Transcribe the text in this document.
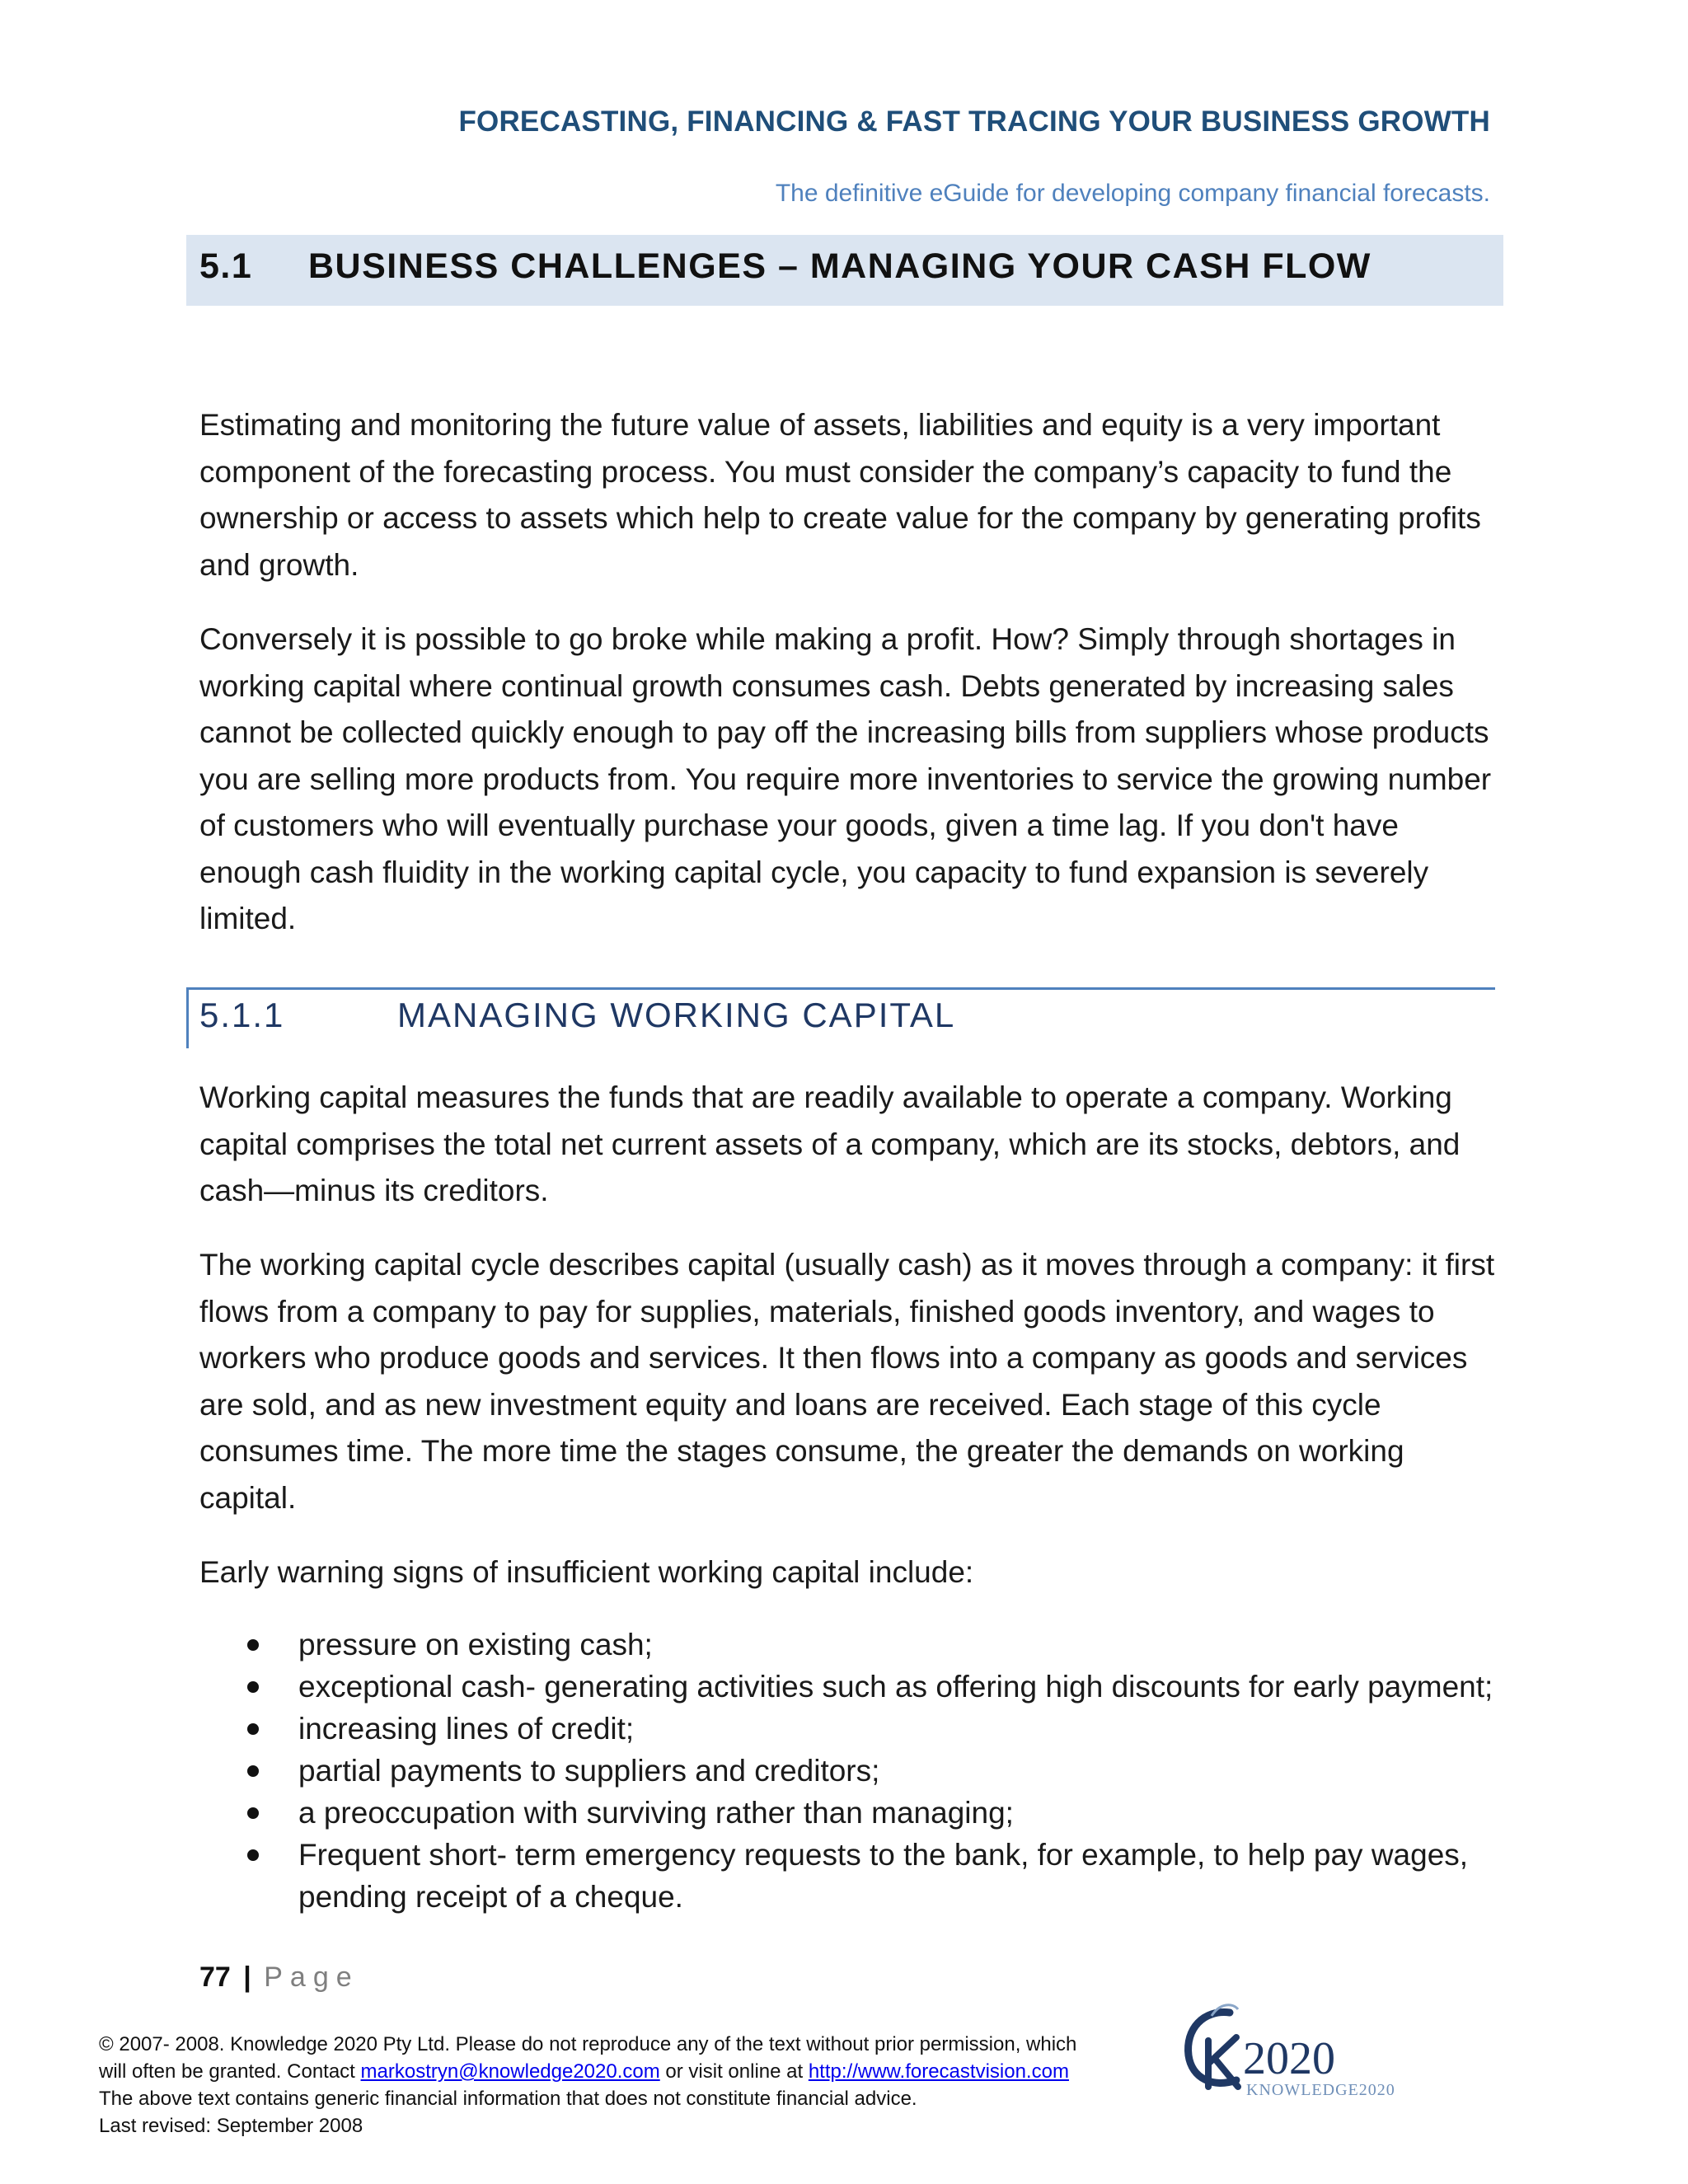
FORECASTING, FINANCING & FAST TRACING YOUR BUSINESS GROWTH
The definitive eGuide for developing company financial forecasts.
5.1 BUSINESS CHALLENGES – MANAGING YOUR CASH FLOW

Estimating and monitoring the future value of assets, liabilities and equity is a very important component of the forecasting process. You must consider the company’s capacity to fund the ownership or access to assets which help to create value for the company by generating profits and growth.

Conversely it is possible to go broke while making a profit. How? Simply through shortages in working capital where continual growth consumes cash. Debts generated by increasing sales cannot be collected quickly enough to pay off the increasing bills from suppliers whose products you are selling more products from. You require more inventories to service the growing number of customers who will eventually purchase your goods, given a time lag. If you don't have enough cash fluidity in the working capital cycle, you capacity to fund expansion is severely limited.

5.1.1	MANAGING WORKING CAPITAL

Working capital measures the funds that are readily available to operate a company. Working capital comprises the total net current assets of a company, which are its stocks, debtors, and cash—minus its creditors.

The working capital cycle describes capital (usually cash) as it moves through a company: it first flows from a company to pay for supplies, materials, finished goods inventory, and wages to workers who produce goods and services. It then flows into a company as goods and services are sold, and as new investment equity and loans are received. Each stage of this cycle consumes time. The more time the stages consume, the greater the demands on working capital.

Early warning signs of insufficient working capital include:

pressure on existing cash;
exceptional cash- generating activities such as offering high discounts for early payment;
increasing lines of credit;
partial payments to suppliers and creditors;
a preoccupation with surviving rather than managing;
Frequent short- term emergency requests to the bank, for example, to help pay wages, pending receipt of a cheque.
77 | Page
© 2007- 2008. Knowledge 2020 Pty Ltd. Please do not reproduce any of the text without prior permission, which
will often be granted. Contact markostryn@knowledge2020.com or visit online at http://www.forecastvision.com
The above text contains generic financial information that does not constitute financial advice.
Last revised: September 2008
2020
KNOWLEDGE2020
